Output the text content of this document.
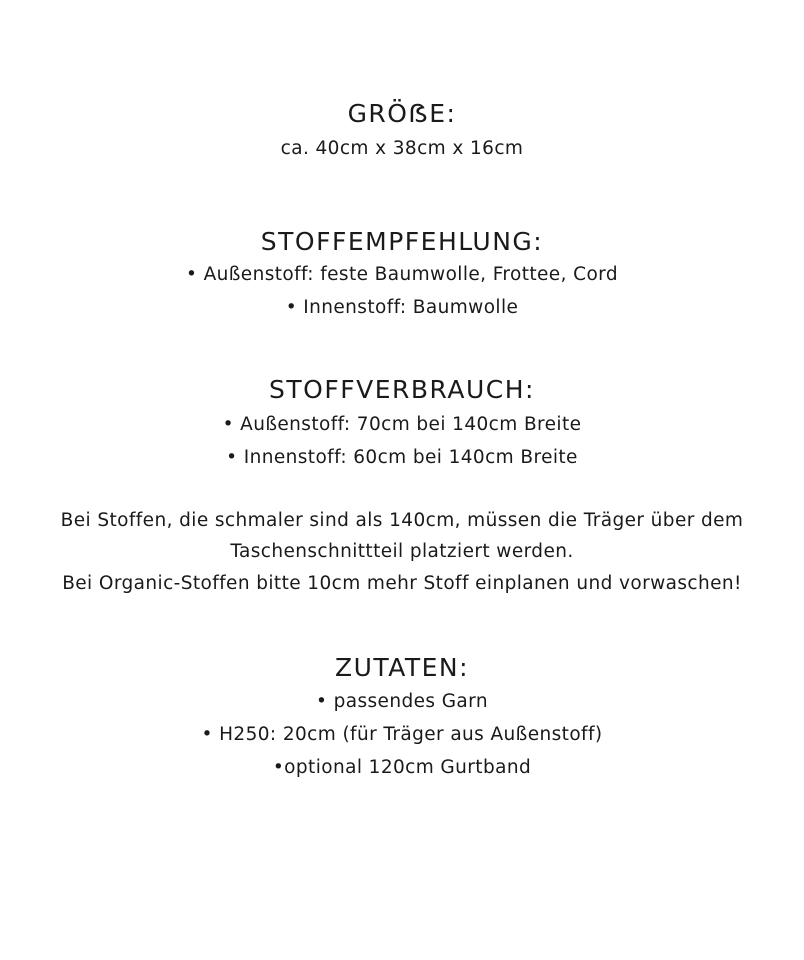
GRÖẞE:
ca. 40cm x 38cm x 16cm
STOFFEMPFEHLUNG:
• Außenstoff: feste Baumwolle, Frottee, Cord
• Innenstoff: Baumwolle
STOFFVERBRAUCH:
• Außenstoff: 70cm bei 140cm Breite
• Innenstoff: 60cm bei 140cm Breite
Bei Stoffen, die schmaler sind als 140cm, müssen die Träger über dem
Taschenschnittteil platziert werden.
Bei Organic-Stoffen bitte 10cm mehr Stoff einplanen und vorwaschen!
ZUTATEN:
• passendes Garn
• H250: 20cm (für Träger aus Außenstoff)
•optional 120cm Gurtband
